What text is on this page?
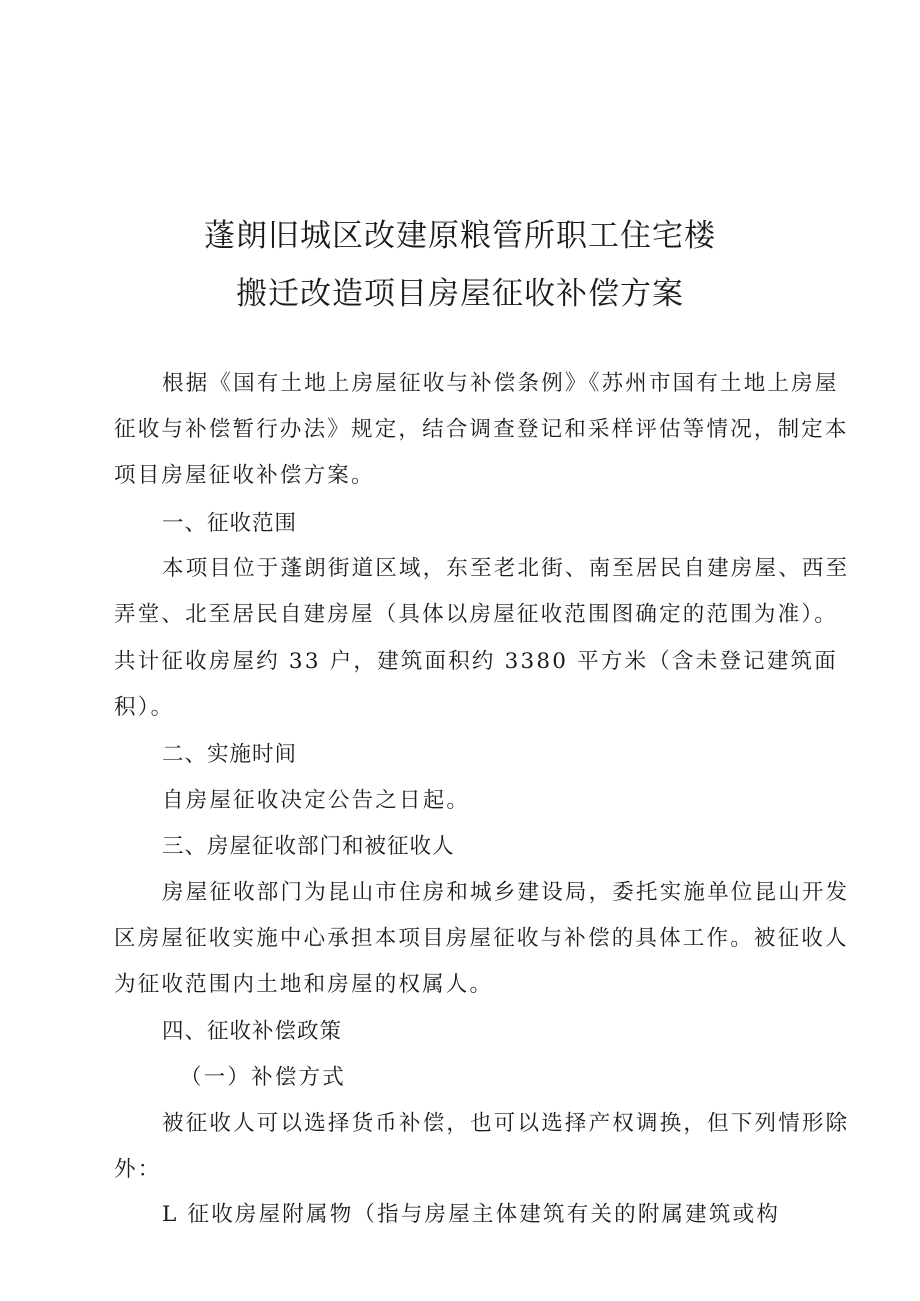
蓬朗旧城区改建原粮管所职工住宅楼
搬迁改造项目房屋征收补偿方案

根据《国有土地上房屋征收与补偿条例》《苏州市国有土地上房屋

征收与补偿暂行办法》规定，结合调查登记和采样评估等情况，制定本

项目房屋征收补偿方案。

一、征收范围

本项目位于蓬朗街道区域，东至老北街、南至居民自建房屋、西至

弄堂、北至居民自建房屋（具体以房屋征收范围图确定的范围为准）。

共计征收房屋约 33 户，建筑面积约 3380 平方米（含未登记建筑面

积）。

二、实施时间

自房屋征收决定公告之日起。

三、房屋征收部门和被征收人

房屋征收部门为昆山市住房和城乡建设局，委托实施单位昆山开发

区房屋征收实施中心承担本项目房屋征收与补偿的具体工作。被征收人

为征收范围内土地和房屋的权属人。

四、征收补偿政策

（一）补偿方式

被征收人可以选择货币补偿，也可以选择产权调换，但下列情形除

外：

L 征收房屋附属物（指与房屋主体建筑有关的附属建筑或构
